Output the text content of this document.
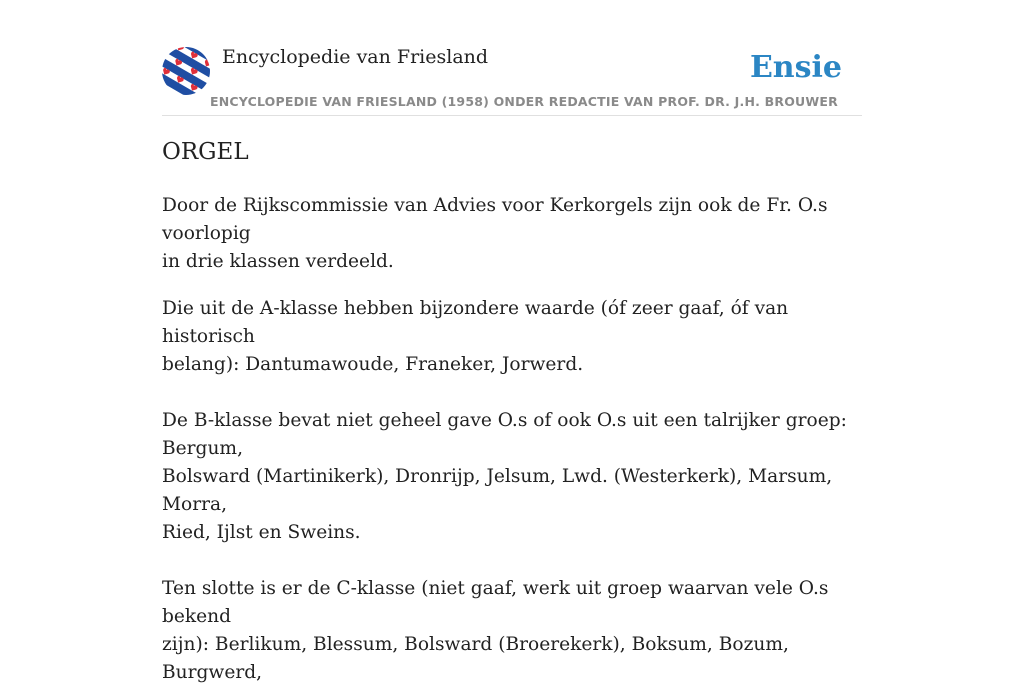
Encyclopedie van Friesland
ENCYCLOPEDIE VAN FRIESLAND (1958) ONDER REDACTIE VAN PROF. DR. J.H. BROUWER
Ensie
ORGEL

Door de Rijkscommissie van Advies voor Kerkorgels zijn ook de Fr. O.s voorlopig
in drie klassen verdeeld.

Die uit de A-klasse hebben bijzondere waarde (óf zeer gaaf, óf van historisch
belang): Dantumawoude, Franeker, Jorwerd.

De B-klasse bevat niet geheel gave O.s of ook O.s uit een talrijker groep: Bergum,
Bolsward (Martinikerk), Dronrijp, Jelsum, Lwd. (Westerkerk), Marsum, Morra,
Ried, Ijlst en Sweins.

Ten slotte is er de C-klasse (niet gaaf, werk uit groep waarvan vele O.s bekend
zijn): Berlikum, Blessum, Bolsward (Broerekerk), Boksum, Bozum, Burgwerd,
